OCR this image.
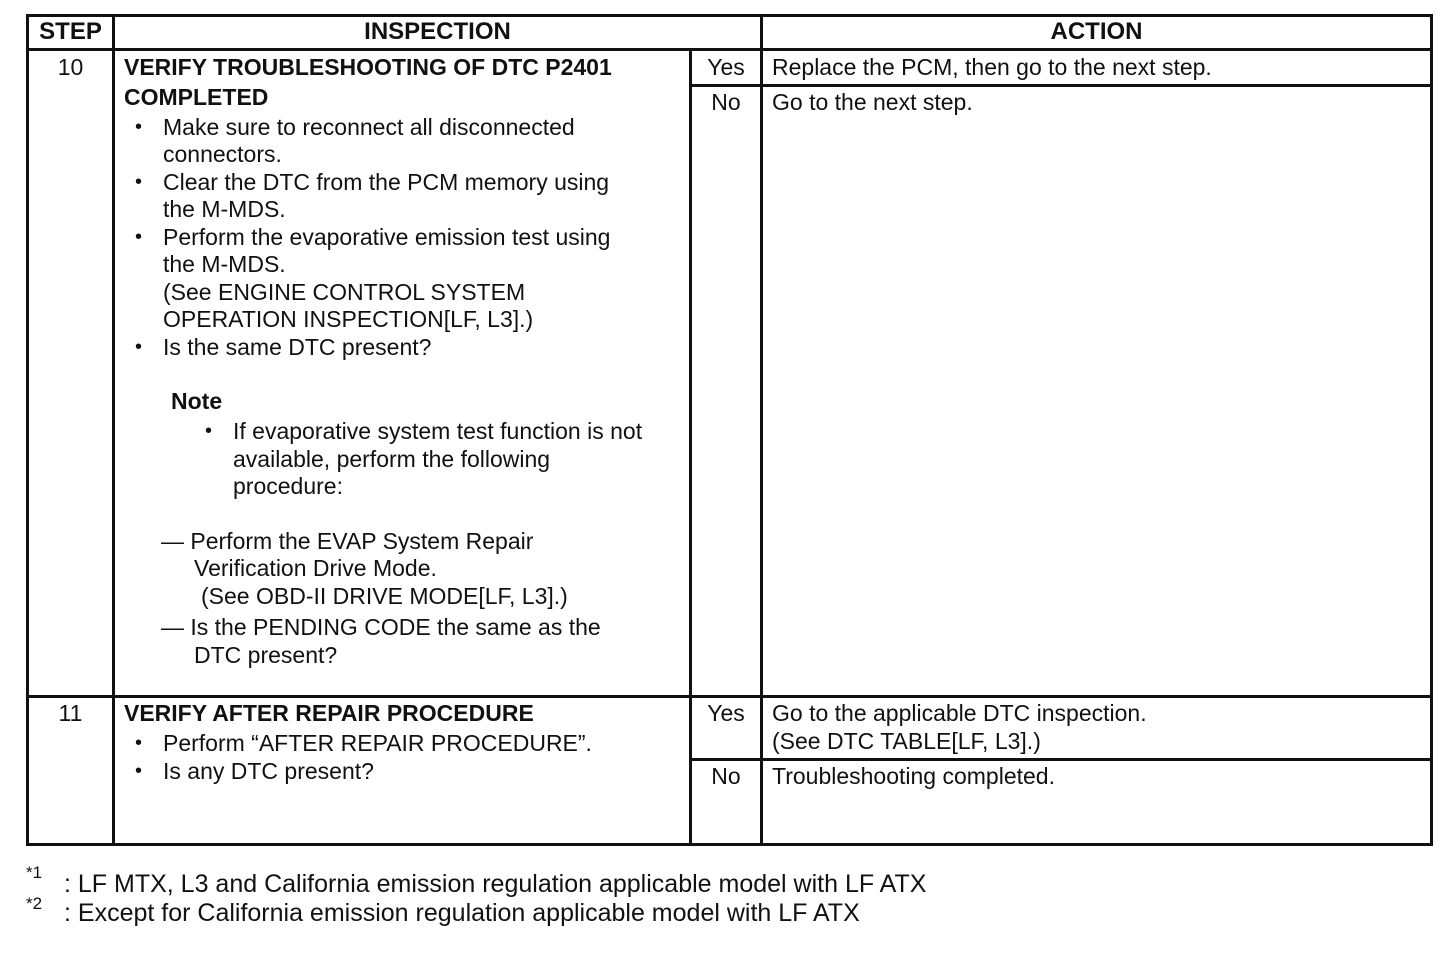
STEP	INSPECTION	ACTION
10	VERIFY TROUBLESHOOTING OF DTC P2401
COMPLETED
• Make sure to reconnect all disconnected
connectors.
• Clear the DTC from the PCM memory using
the M-MDS.
• Perform the evaporative emission test using
the M-MDS.
(See ENGINE CONTROL SYSTEM
OPERATION INSPECTION[LF, L3].)
• Is the same DTC present?
Note
• If evaporative system test function is not
available, perform the following
procedure:
— Perform the EVAP System Repair
Verification Drive Mode.
(See OBD-II DRIVE MODE[LF, L3].)
— Is the PENDING CODE the same as the
DTC present?
Yes	Replace the PCM, then go to the next step.
No	Go to the next step.
11	VERIFY AFTER REPAIR PROCEDURE
• Perform “AFTER REPAIR PROCEDURE”.
• Is any DTC present?
Yes	Go to the applicable DTC inspection.
(See DTC TABLE[LF, L3].)
No	Troubleshooting completed.
*1 : LF MTX, L3 and California emission regulation applicable model with LF ATX
*2 : Except for California emission regulation applicable model with LF ATX
